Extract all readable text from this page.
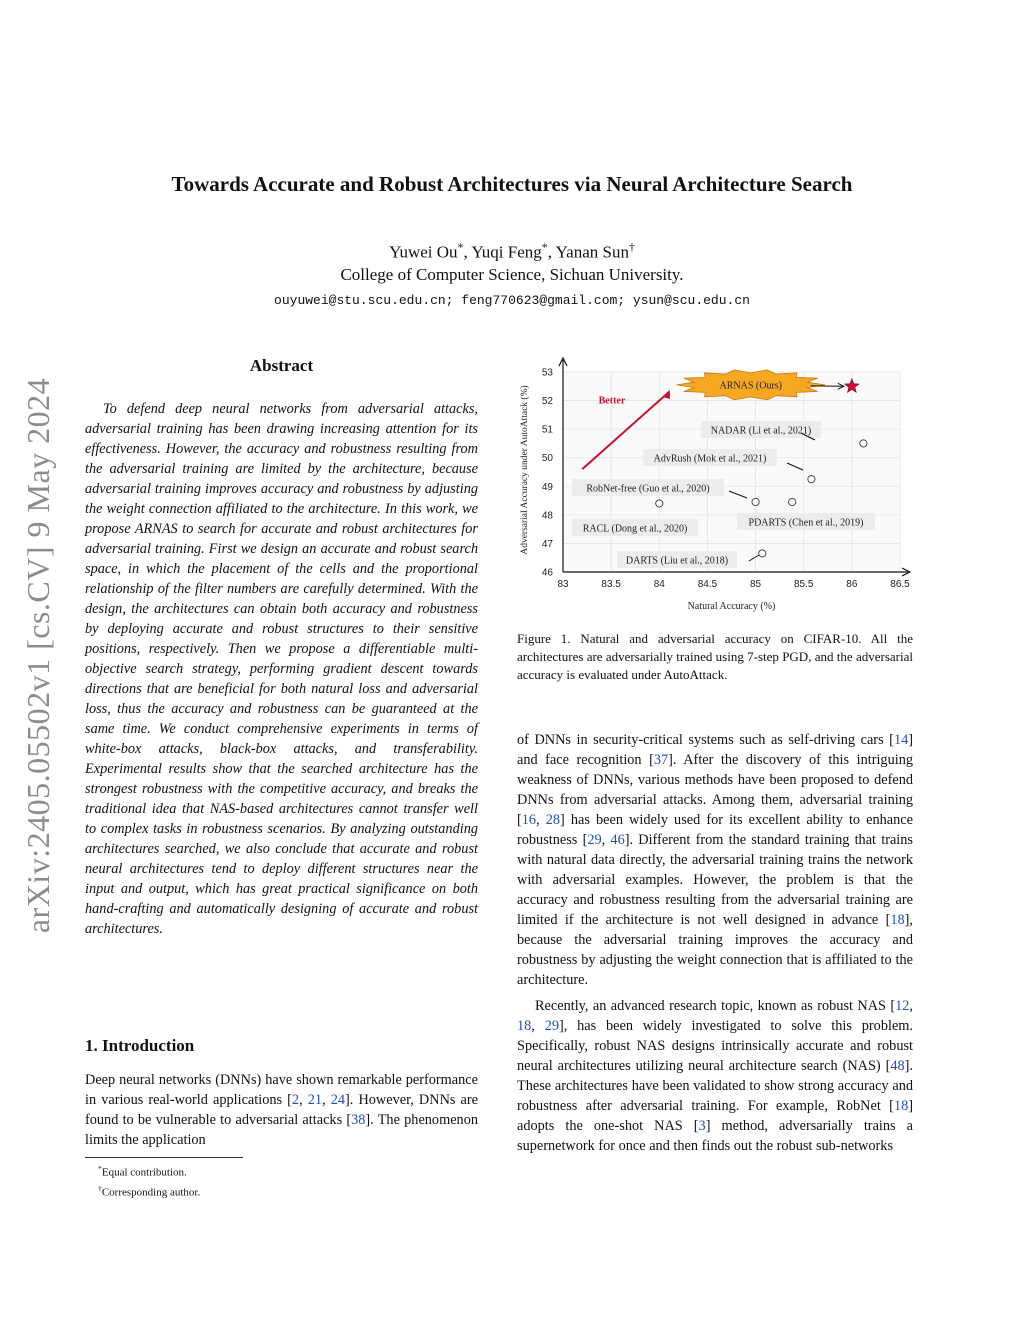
arXiv:2405.05502v1 [cs.CV] 9 May 2024
Towards Accurate and Robust Architectures via Neural Architecture Search
Yuwei Ou*, Yuqi Feng*, Yanan Sun†
College of Computer Science, Sichuan University.
ouyuwei@stu.scu.edu.cn; feng770623@gmail.com; ysun@scu.edu.cn
Abstract

To defend deep neural networks from adversarial attacks, adversarial training has been drawing increasing attention for its effectiveness. However, the accuracy and robustness resulting from the adversarial training are limited by the architecture, because adversarial training improves accuracy and robustness by adjusting the weight connection affiliated to the architecture. In this work, we propose ARNAS to search for accurate and robust architectures for adversarial training. First we design an accurate and robust search space, in which the placement of the cells and the proportional relationship of the filter numbers are carefully determined. With the design, the architectures can obtain both accuracy and robustness by deploying accurate and robust structures to their sensitive positions, respectively. Then we propose a differentiable multi-objective search strategy, performing gradient descent towards directions that are beneficial for both natural loss and adversarial loss, thus the accuracy and robustness can be guaranteed at the same time. We conduct comprehensive experiments in terms of white-box attacks, black-box attacks, and transferability. Experimental results show that the searched architecture has the strongest robustness with the competitive accuracy, and breaks the traditional idea that NAS-based architectures cannot transfer well to complex tasks in robustness scenarios. By analyzing outstanding architectures searched, we also conclude that accurate and robust neural architectures tend to deploy different structures near the input and output, which has great practical significance on both hand-crafting and automatically designing of accurate and robust architectures.

1. Introduction

Deep neural networks (DNNs) have shown remarkable performance in various real-world applications [2, 21, 24]. However, DNNs are found to be vulnerable to adversarial attacks [38]. The phenomenon limits the application

*Equal contribution.
†Corresponding author.
83	83.5	84	84.5	85	85.5	86	86.5
46
47
48
49
50
51
52
53
Natural Accuracy (%)
Adversarial Accuracy under AutoAttack (%)	Better
ARNAS (Ours)
NADAR (Li et al., 2021)
AdvRush (Mok et al., 2021)
RobNet-free (Guo et al., 2020)
PDARTS (Chen et al., 2019)
RACL (Dong et al., 2020)
DARTS (Liu et al., 2018)

Figure 1. Natural and adversarial accuracy on CIFAR-10. All the architectures are adversarially trained using 7-step PGD, and the adversarial accuracy is evaluated under AutoAttack.

of DNNs in security-critical systems such as self-driving cars [14] and face recognition [37]. After the discovery of this intriguing weakness of DNNs, various methods have been proposed to defend DNNs from adversarial attacks. Among them, adversarial training [16, 28] has been widely used for its excellent ability to enhance robustness [29, 46]. Different from the standard training that trains with natural data directly, the adversarial training trains the network with adversarial examples. However, the problem is that the accuracy and robustness resulting from the adversarial training are limited if the architecture is not well designed in advance [18], because the adversarial training improves the accuracy and robustness by adjusting the weight connection that is affiliated to the architecture.

Recently, an advanced research topic, known as robust NAS [12, 18, 29], has been widely investigated to solve this problem. Specifically, robust NAS designs intrinsically accurate and robust neural architectures utilizing neural architecture search (NAS) [48]. These architectures have been validated to show strong accuracy and robustness after adversarial training. For example, RobNet [18] adopts the one-shot NAS [3] method, adversarially trains a supernetwork for once and then finds out the robust sub-networks
